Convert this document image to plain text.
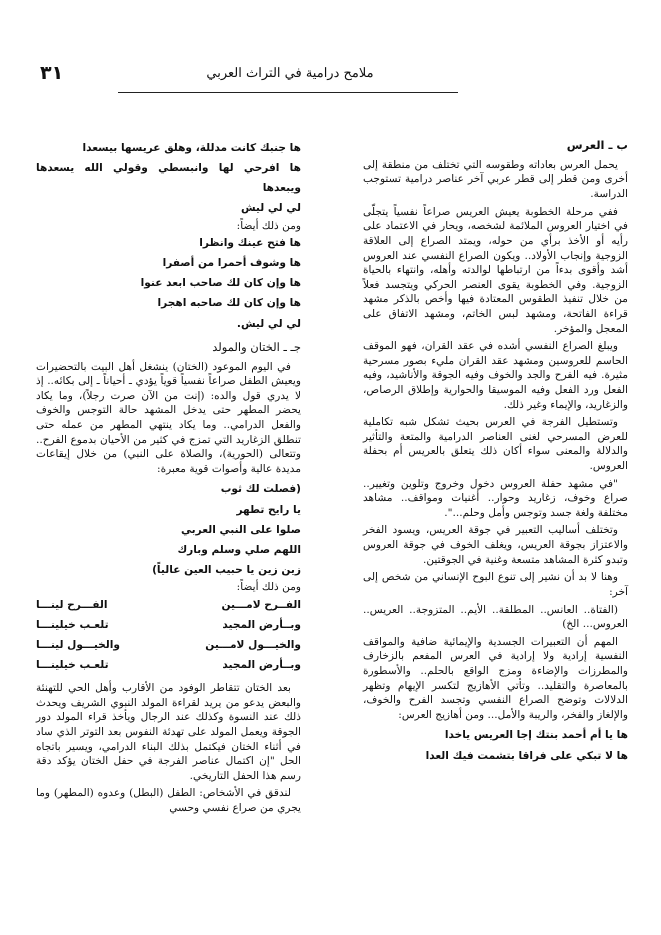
٣١	ملامح درامية في التراث العربي
ب ـ العرس

يحمل العرس بعاداته وطقوسه التي تختلف من منطقة إلى أخرى ومن قطر إلى قطر عربي آخر عناصر درامية تستوجب الدراسة.

ففي مرحلة الخطوبة يعيش العريس صراعاً نفسياً يتجلّى في اختيار العروس الملائمة لشخصه، ويحار في الاعتماد على رأيه أو الأخذ برأي من حوله، ويمتد الصراع إلى العلاقة الزوجية وإنجاب الأولاد.. ويكون الصراع النفسي عند العروس أشد وأقوى بدءاً من ارتباطها لوالدته وأهله، وانتهاء بالحياة الزوجية. وفي الخطوبة يقوى العنصر الحركي ويتجسد فعلاً من خلال تنفيذ الطقوس المعتادة فيها وأخص بالذكر مشهد قراءة الفاتحة، ومشهد لبس الخاتم، ومشهد الاتفاق على المعجل والمؤخر.

ويبلغ الصراع النفسي أشده في عقد القران، فهو الموقف الحاسم للعروسين ومشهد عقد القران مليء بصور مسرحية مثيرة. فيه الفرح والجد والخوف وفيه الجوقة والأناشيد، وفيه الفعل ورد الفعل وفيه الموسيقا والحوارية وإطلاق الرصاص، والزغاريد، والإيماء وغير ذلك.

وتستطيل الفرجة في العرس بحيث تشكل شبه تكاملية للعرض المسرحي لغنى العناصر الدرامية والمتعة والتأثير والدلالة والمعنى سواء أكان ذلك يتعلق بالعريس أم بحفلة العروس.

"في مشهد حفلة العروس دخول وخروج وتلوين وتغيير.. صراع وخوف، زغاريد وحوار.. أغنيات ومواقف.. مشاهد مختلفة ولغة جسد وتوجس وأمل وحلم...".

وتختلف أساليب التعبير في جوقة العريس، ويسود الفخر والاعتزاز بجوقة العريس، ويغلف الخوف في جوقة العروس وتبدو كثرة المشاهد متسعة وغنية في الجوقتين.

وهنا لا بد أن نشير إلى تنوع البوح الإنساني من شخص إلى آخر:

(الفتاة.. العانس.. المطلقة.. الأيم.. المتزوجة.. العريس.. العروس... الخ)

المهم أن التعبيرات الجسدية والإيمائية ضافية والمواقف النفسية إرادية ولا إرادية في العرس المفعم بالزخارف والمطرزات والإضاءة ومزج الواقع بالحلم.. والأسطورة بالمعاصرة والتقليد.. وتأتي الأهازيج لتكسر الإيهام وتظهر الدلالات وتوضح الصراع النفسي وتجسد الفرح والخوف، والإلغاز والفخر، والريبة والأمل... ومن أهازيج العرس:

ها يا أم أحمد بنتك إجا العريس ياخدا
ها لا تبكي على فراقا بتشمت فيك العدا
ها جنبك كانت مدللة، وهلق عريسها بيسعدا
ها افرحي لها وانبسطي وقولي الله يسعدها ويبعدها
لي لي ليش
ومن ذلك أيضاً:
ها فتح عينك وانظرا
ها وشوف أحمرا من أصفرا
ها وإن كان لك صاحب ابعد عنوا
ها وإن كان لك صاحبه اهجرا
لي لي ليش.
جـ ـ الختان والمولد

في اليوم الموعود (الختان) ينشغل أهل البيت بالتحضيرات ويعيش الطفل صراعاً نفسياً قوياً يؤدي ـ أحياناً ـ إلى بكائه.. إذ لا يدري قول والده: (إنت من الآن صرت رجلاً)، وما يكاد يحضر المطهر حتى يدخل المشهد حالة التوجس والخوف والفعل الدرامي.. وما يكاد ينتهي المطهر من عمله حتى تنطلق الزغاريد التي تمزج في كثير من الأحيان بدموع الفرح.. وتتعالى (الحورية)، والصلاة على النبي) من خلال إيقاعات مديدة عالية وأصوات قوية معبرة:

(فصلت لك ثوب
يا رايح تطهر
صلوا على النبي العربي
اللهم صلي وسلم وبارك
زين زين يا حبيب العين عالياً)
ومن ذلك أيضاً:
الفــرح لامـــين
الفـــرح لينـــا
وبــأرض المجيد
تلعـب خيلينـــا
والخيـــول لامـــين
والخيـــول لينـــا
وبــأرض المجيد
تلعـب خيلينـــا

بعد الختان تتقاطر الوفود من الأقارب وأهل الحي للتهنئة والبعض يدعو من يريد لقراءة المولد النبوي الشريف ويحدث ذلك عند النسوة وكذلك عند الرجال ويأخذ قراء المولد دور الجوقة ويعمل المولد على تهدئة النفوس بعد التوتر الذي ساد في أثناء الختان فيكتمل بذلك البناء الدرامي، ويسير باتجاه الحل "إن اكتمال عناصر الفرجة في حفل الختان يؤكد دقة رسم هذا الحفل التاريخي.

لندقق في الأشخاص: الطفل (البطل) وعدوه (المطهر) وما يجري من صراع نفسي وحسي
